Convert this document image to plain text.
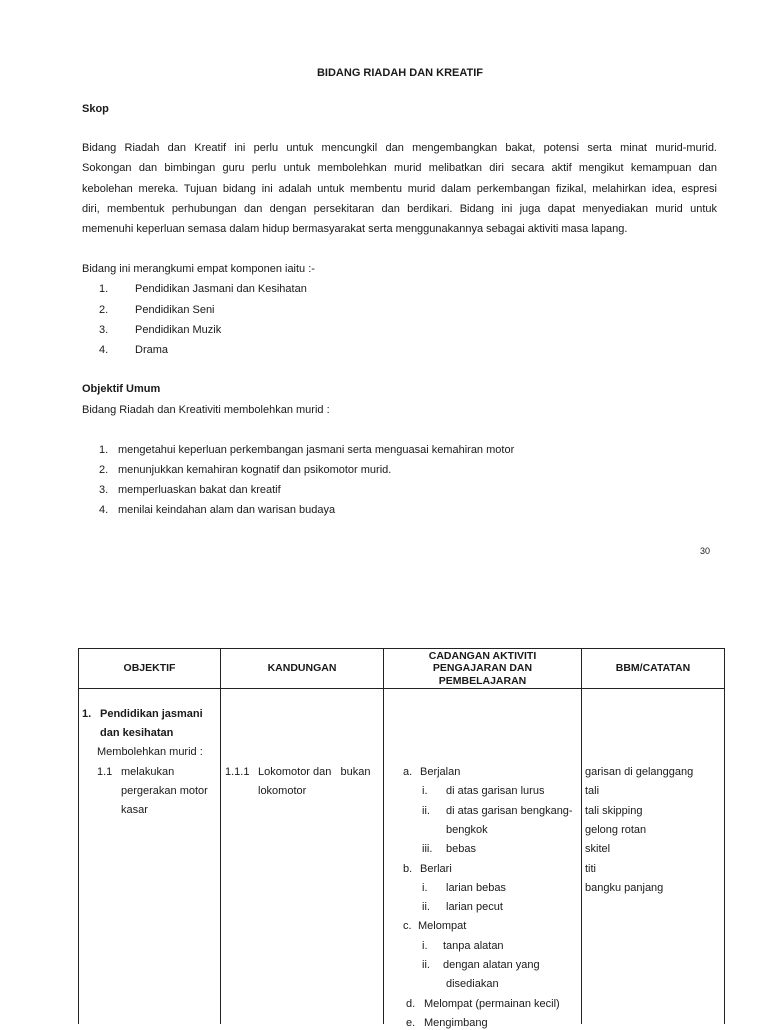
BIDANG RIADAH DAN KREATIF
Skop
Bidang Riadah dan Kreatif ini perlu untuk mencungkil dan mengembangkan bakat, potensi serta minat murid-murid.
Sokongan dan bimbingan guru perlu untuk membolehkan murid melibatkan diri secara aktif mengikut kemampuan dan
kebolehan mereka. Tujuan bidang ini adalah untuk membentu murid dalam perkembangan fizikal, melahirkan idea, espresi
diri, membentuk perhubungan dan dengan persekitaran dan berdikari. Bidang ini juga dapat menyediakan murid untuk
memenuhi keperluan semasa dalam hidup bermasyarakat serta menggunakannya sebagai aktiviti masa lapang.
Bidang ini merangkumi empat komponen iaitu :-
1. Pendidikan Jasmani dan Kesihatan
2. Pendidikan Seni
3. Pendidikan Muzik
4. Drama
Objektif Umum
Bidang Riadah dan Kreativiti membolehkan murid :
1. mengetahui keperluan perkembangan jasmani serta menguasai kemahiran motor
2. menunjukkan kemahiran kognatif dan psikomotor murid.
3. memperluaskan bakat dan kreatif
4. menilai keindahan alam dan warisan budaya
30
OBJEKTIF	KANDUNGAN
CADANGAN AKTIVITI
PENGAJARAN DAN
PEMBELAJARAN
BBM/CATATAN
1. Pendidikan jasmani
dan kesihatan
Membolehkan murid :
1.1 melakukan
pergerakan motor
kasar
1.1.1 Lokomotor dan   bukan
lokomotor
a. Berjalan
i. di atas garisan lurus
ii. di atas garisan bengkang-
bengkok
iii. bebas
b. Berlari
i. larian bebas
ii. larian pecut
c. Melompat
i. tanpa alatan
ii. dengan alatan yang
disediakan
d. Melompat (permainan kecil)
e. Mengimbang
garisan di gelanggang
tali
tali skipping
gelong rotan
skitel
titi
bangku panjang
